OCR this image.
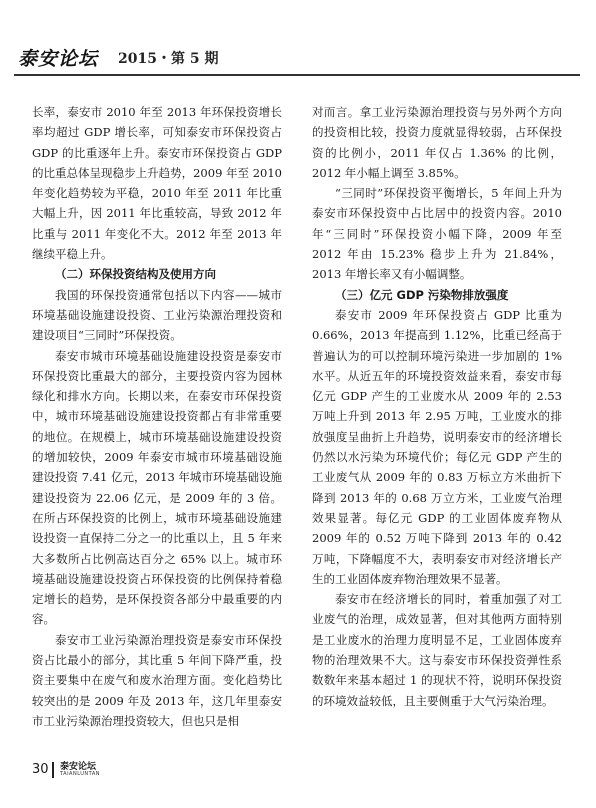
泰安论坛 2015・第 5 期

长率，泰安市 2010 年至 2013 年环保投资增长率均超过 GDP 增长率，可知泰安市环保投资占 GDP 的比重逐年上升。泰安市环保投资占 GDP 的比重总体呈现稳步上升趋势，2009 年至 2010 年变化趋势较为平稳，2010 年至 2011 年比重大幅上升，因 2011 年比重较高，导致 2012 年比重与 2011 年变化不大。2012 年至 2013 年继续平稳上升。

（二）环保投资结构及使用方向

我国的环保投资通常包括以下内容——城市环境基础设施建设投资、工业污染源治理投资和建设项目“三同时”环保投资。

泰安市城市环境基础设施建设投资是泰安市环保投资比重最大的部分，主要投资内容为园林绿化和排水方向。长期以来，在泰安市环保投资中，城市环境基础设施建设投资都占有非常重要的地位。在规模上，城市环境基础设施建设投资的增加较快，2009 年泰安市城市环境基础设施建设投资 7.41 亿元，2013 年城市环境基础设施建设投资为 22.06 亿元，是 2009 年的 3 倍。在所占环保投资的比例上，城市环境基础设施建设投资一直保持二分之一的比重以上，且 5 年来大多数所占比例高达百分之 65% 以上。城市环境基础设施建设投资占环保投资的比例保持着稳定增长的趋势，是环保投资各部分中最重要的内容。

泰安市工业污染源治理投资是泰安市环保投资占比最小的部分，其比重 5 年间下降严重，投资主要集中在废气和废水治理方面。变化趋势比较突出的是 2009 年及 2013 年，这几年里泰安市工业污染源治理投资较大，但也只是相

对而言。拿工业污染源治理投资与另外两个方向的投资相比较，投资力度就显得较弱，占环保投资的比例小，2011 年仅占 1.36% 的比例，2012 年小幅上调至 3.85%。

“三同时”环保投资平衡增长，5 年间上升为泰安市环保投资中占比居中的投资内容。2010 年“三同时”环保投资小幅下降，2009 年至 2012 年由 15.23% 稳步上升为 21.84%，2013 年增长率又有小幅调整。

（三）亿元 GDP 污染物排放强度

泰安市 2009 年环保投资占 GDP 比重为 0.66%，2013 年提高到 1.12%，比重已经高于普遍认为的可以控制环境污染进一步加剧的 1% 水平。从近五年的环境投资效益来看，泰安市每亿元 GDP 产生的工业废水从 2009 年的 2.53 万吨上升到 2013 年 2.95 万吨，工业废水的排放强度呈曲折上升趋势，说明泰安市的经济增长仍然以水污染为环境代价；每亿元 GDP 产生的工业废气从 2009 年的 0.83 万标立方米曲折下降到 2013 年的 0.68 万立方米，工业废气治理效果显著。每亿元 GDP 的工业固体废弃物从 2009 年的 0.52 万吨下降到 2013 年的 0.42 万吨，下降幅度不大，表明泰安市对经济增长产生的工业固体废弃物治理效果不显著。

泰安市在经济增长的同时，着重加强了对工业废气的治理，成效显著，但对其他两方面特别是工业废水的治理力度明显不足，工业固体废弃物的治理效果不大。这与泰安市环保投资弹性系数数年来基本超过 1 的现状不符，说明环保投资的环境效益较低，且主要侧重于大气污染治理。

30 泰安论坛
TAIANLUNTAN
